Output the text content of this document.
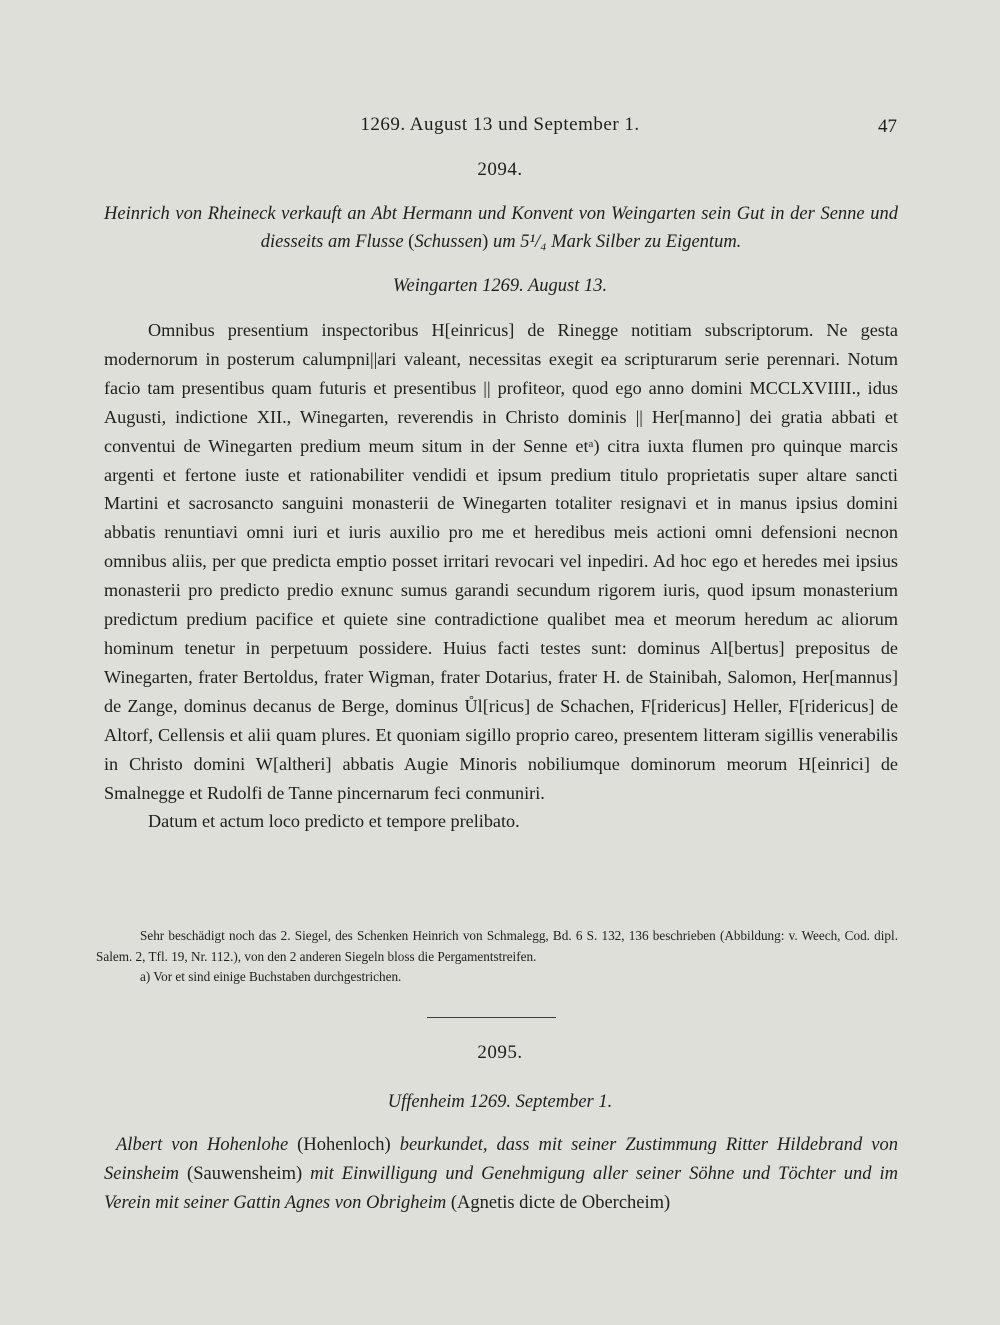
1269. August 13 und September 1.	47
2094.
Heinrich von Rheineck verkauft an Abt Hermann und Konvent von Weingarten sein Gut in der Senne und diesseits am Flusse (Schussen) um 5¹/₄ Mark Silber zu Eigentum.
Weingarten 1269. August 13.

Omnibus presentium inspectoribus H[einricus] de Rinegge notitiam subscriptorum. Ne gesta modernorum in posterum calumpni||ari valeant, necessitas exegit ea scripturarum serie perennari. Notum facio tam presentibus quam futuris et presentibus || profiteor, quod ego anno domini MCCLXVIIII., idus Augusti, indictione XII., Winegarten, reverendis in Christo dominis || Her[manno] dei gratia abbati et conventui de Winegarten predium meum situm in der Senne etᵃ) citra iuxta flumen pro quinque marcis argenti et fertone iuste et rationabiliter vendidi et ipsum predium titulo proprietatis super altare sancti Martini et sacrosancto sanguini monasterii de Winegarten totaliter resignavi et in manus ipsius domini abbatis renuntiavi omni iuri et iuris auxilio pro me et heredibus meis actioni omni defensioni necnon omnibus aliis, per que predicta emptio posset irritari revocari vel inpediri. Ad hoc ego et heredes mei ipsius monasterii pro predicto predio exnunc sumus garandi secundum rigorem iuris, quod ipsum monasterium predictum predium pacifice et quiete sine contradictione qualibet mea et meorum heredum ac aliorum hominum tenetur in perpetuum possidere. Huius facti testes sunt: dominus Al[bertus] prepositus de Winegarten, frater Bertoldus, frater Wigman, frater Dotarius, frater H. de Stainibah, Salomon, Her[mannus] de Zange, dominus decanus de Berge, dominus Ůl[ricus] de Schachen, F[ridericus] Heller, F[ridericus] de Altorf, Cellensis et alii quam plures. Et quoniam sigillo proprio careo, presentem litteram sigillis venerabilis in Christo domini W[altheri] abbatis Augie Minoris nobiliumque dominorum meorum H[einrici] de Smalnegge et Rudolfi de Tanne pincernarum feci conmuniri.

Datum et actum loco predicto et tempore prelibato.

Sehr beschädigt noch das 2. Siegel, des Schenken Heinrich von Schmalegg, Bd. 6 S. 132, 136 beschrieben (Abbildung: v. Weech, Cod. dipl. Salem. 2, Tfl. 19, Nr. 112.), von den 2 anderen Siegeln bloss die Pergamentstreifen.

a) Vor et sind einige Buchstaben durchgestrichen.

2095.
Uffenheim 1269. September 1.
Albert von Hohenlohe (Hohenloch) beurkundet, dass mit seiner Zustimmung Ritter Hildebrand von Seinsheim (Sauwensheim) mit Einwilligung und Genehmigung aller seiner Söhne und Töchter und im Verein mit seiner Gattin Agnes von Obrigheim (Agnetis dicte de Obercheim)
